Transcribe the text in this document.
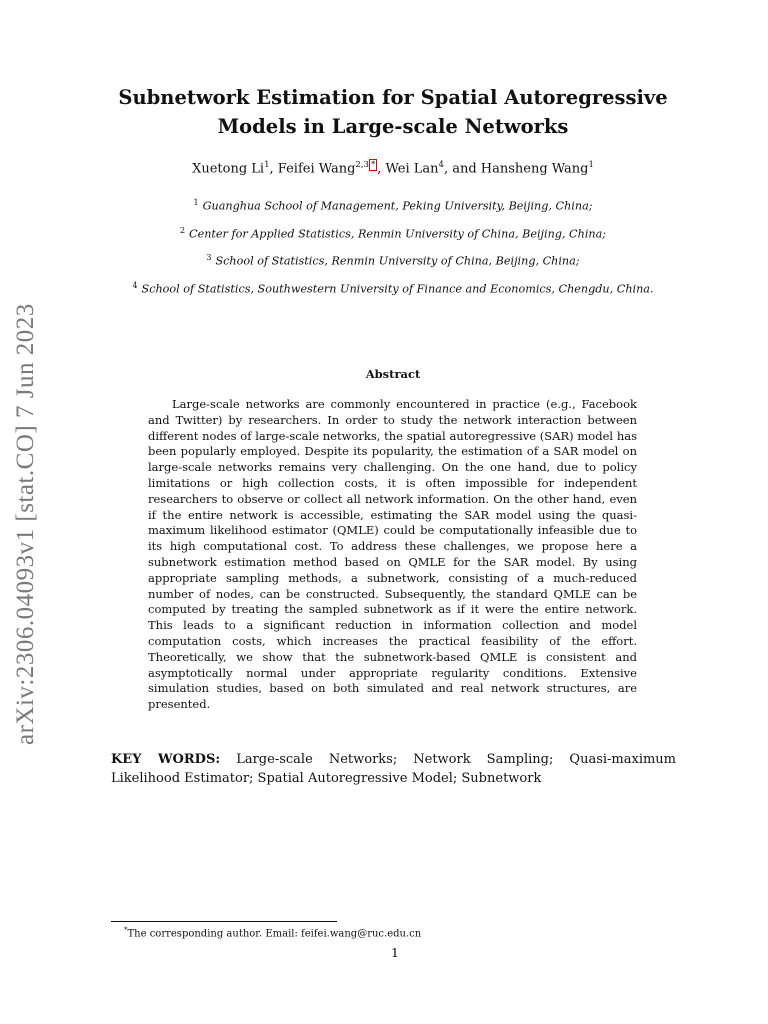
arXiv:2306.04093v1 [stat.CO] 7 Jun 2023
Subnetwork Estimation for Spatial Autoregressive
Models in Large-scale Networks
Xuetong Li$^1$, Feifei Wang$^{2,3}$ * , Wei Lan$^4$, and Hansheng Wang$^1$
$^1$ Guanghua School of Management, Peking University, Beijing, China;
$^2$ Center for Applied Statistics, Renmin University of China, Beijing, China;
$^3$ School of Statistics, Renmin University of China, Beijing, China;
$^4$ School of Statistics, Southwestern University of Finance and Economics, Chengdu, China.
Abstract
Large-scale networks are commonly encountered in practice (e.g., Facebook and Twitter) by researchers. In order to study the network interaction between different nodes of large-scale networks, the spatial autoregressive (SAR) model has been popularly employed. Despite its popularity, the estimation of a SAR model on large-scale networks remains very challenging. On the one hand, due to policy limitations or high collection costs, it is often impossible for independent researchers to observe or collect all network information. On the other hand, even if the entire network is accessible, estimating the SAR model using the quasi-maximum likelihood estimator (QMLE) could be computationally infeasible due to its high computational cost. To address these challenges, we propose here a subnetwork estimation method based on QMLE for the SAR model. By using appropriate sampling methods, a subnetwork, consisting of a much-reduced number of nodes, can be constructed. Subsequently, the standard QMLE can be computed by treating the sampled subnetwork as if it were the entire network. This leads to a significant reduction in information collection and model computation costs, which increases the practical feasibility of the effort. Theoretically, we show that the subnetwork-based QMLE is consistent and asymptotically normal under appropriate regularity conditions. Extensive simulation studies, based on both simulated and real network structures, are presented.
KEY WORDS: Large-scale Networks; Network Sampling; Quasi-maximum Likelihood Estimator; Spatial Autoregressive Model; Subnetwork
*The corresponding author. Email: feifei.wang@ruc.edu.cn
1
